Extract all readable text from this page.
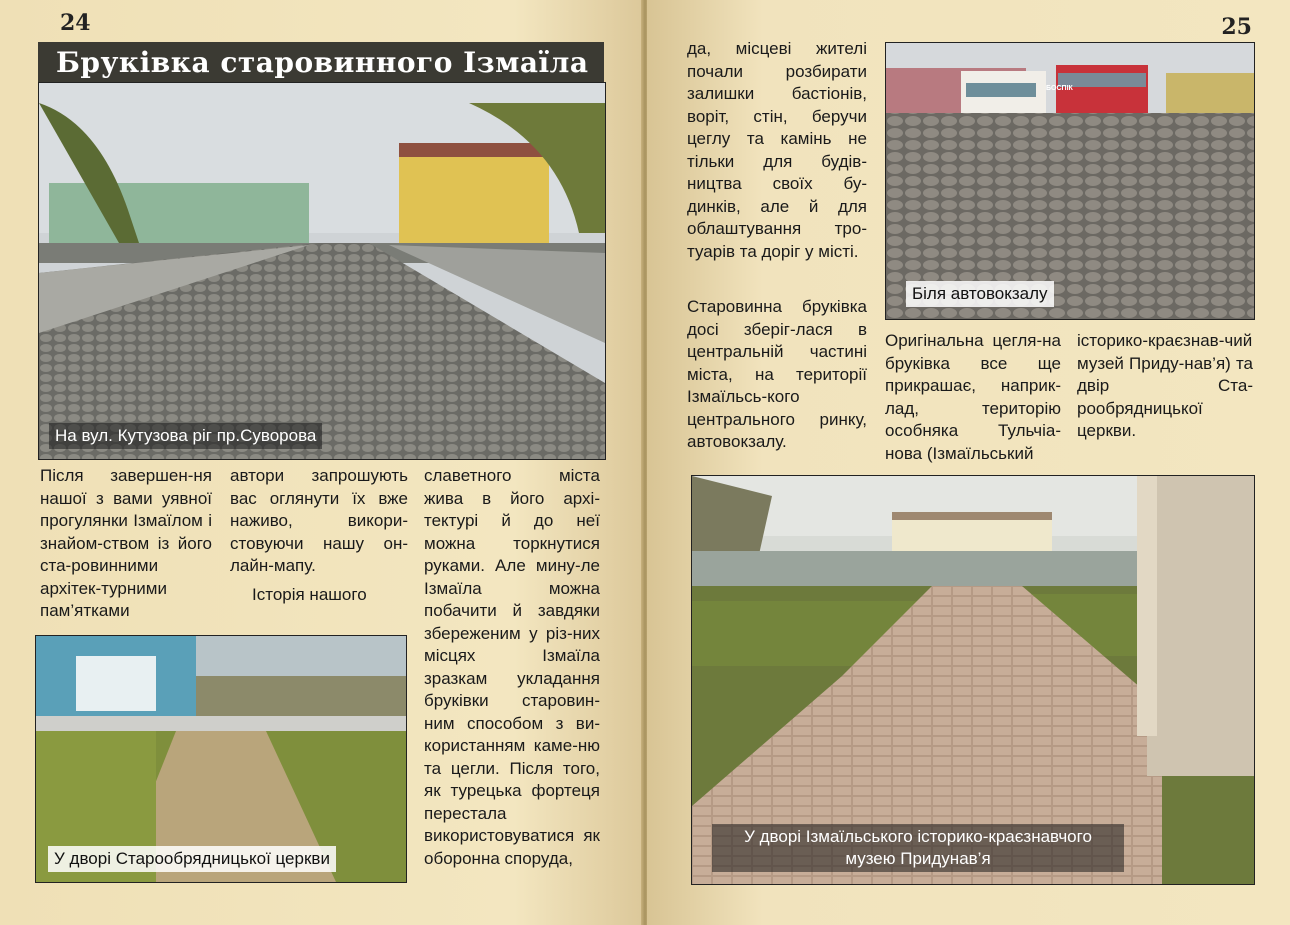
24
Бруківка старовинного Ізмаїла
На вул. Кутузова ріг пр.Суворова
У дворі Старообрядницької церкви

Після завершен-ня нашої з вами уявної прогулянки Ізмаїлом і знайом-ством із його ста-ровинними архітек-турними пам’ятками

автори запрошують вас оглянути їх вже наживо, викори-стовуючи нашу он-лайн-мапу.

Історія нашого

славетного міста жива в його архі-тектурі й до неї можна торкнутися руками. Але мину-ле Ізмаїла можна побачити й завдяки збереженим у різ-них місцях Ізмаїла зразкам укладання бруківки старовин-ним способом з ви-користанням каме-ню та цегли. Після того, як турецька фортеця перестала використовуватися як оборонна споруда,

25

да, місцеві жителі почали розбирати залишки бастіонів, воріт, стін, беручи цеглу та камінь не тільки для будів-ництва своїх бу-динків, але й для облаштування тро-туарів та доріг у місті.

Старовинна бруківка досі зберіг-лася в центральній частині міста, на території Ізмаїльсь-кого центрального ринку, автовокзалу.

БОСПІК
Біля автовокзалу

Оригінальна цегля-на бруківка все ще прикрашає, наприк-лад, територію особняка Тульчіа-нова (Ізмаїльський

історико-краєзнав-чий музей Приду-нав’я) та двір Ста-рообрядницької церкви.

У дворі Ізмаїльського історико-краєзнавчого музею Придунав’я
